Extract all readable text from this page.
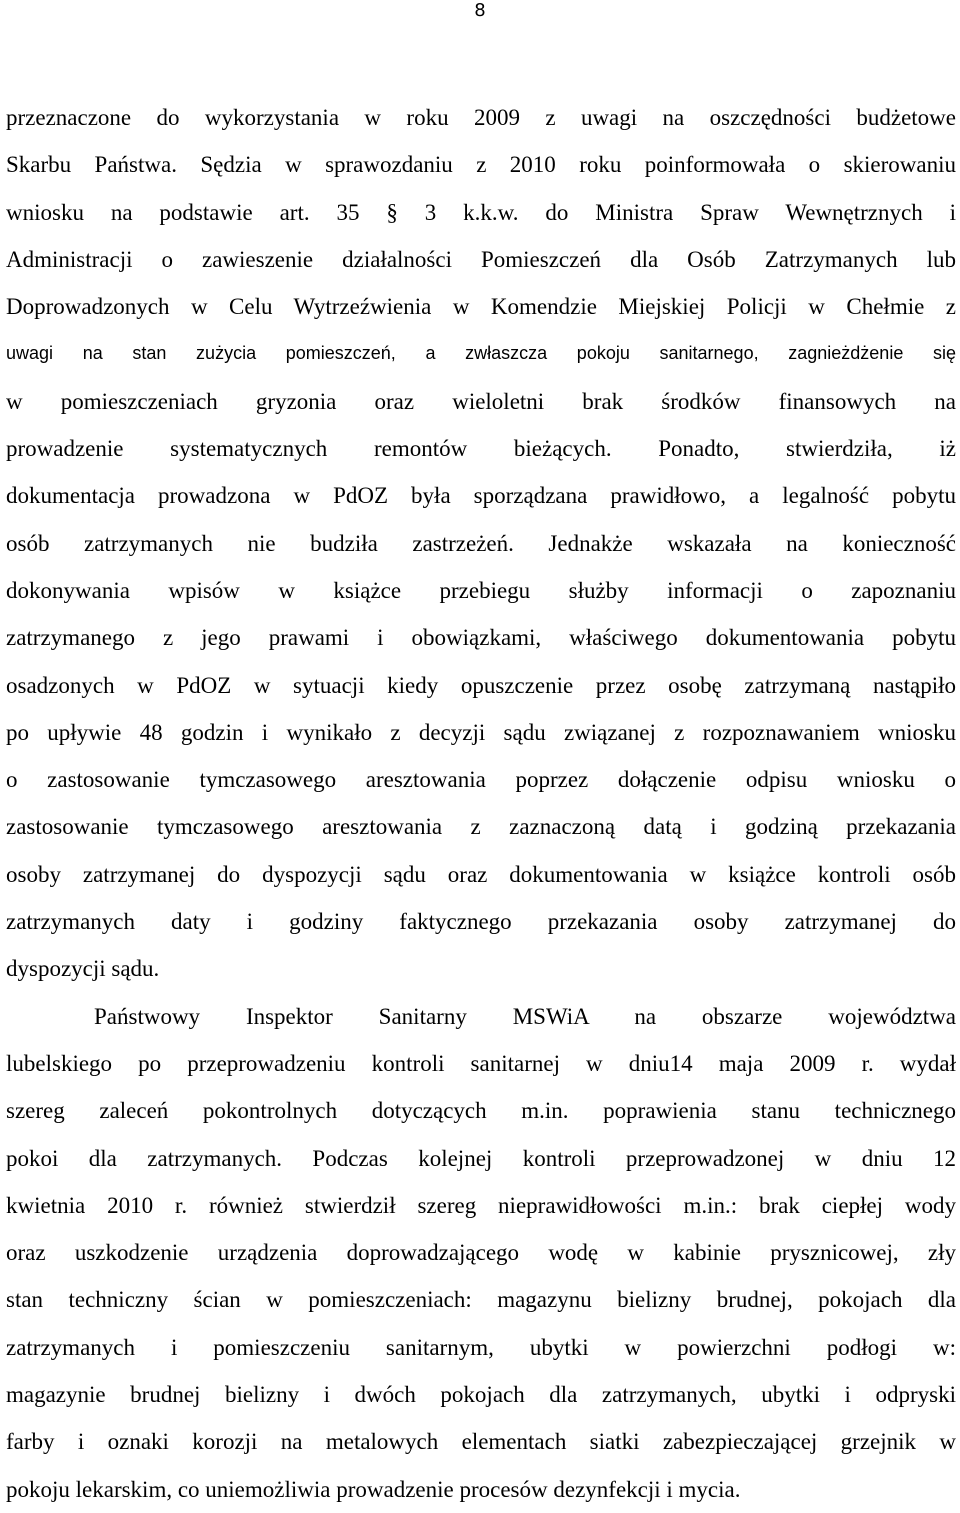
8
przeznaczone do wykorzystania w roku 2009 z uwagi na oszczędności budżetowe
Skarbu Państwa. Sędzia w sprawozdaniu z 2010 roku poinformowała o skierowaniu
wniosku na podstawie art. 35 § 3 k.k.w. do Ministra Spraw Wewnętrznych i
Administracji o zawieszenie działalności Pomieszczeń dla Osób Zatrzymanych lub
Doprowadzonych w Celu Wytrzeźwienia w Komendzie Miejskiej Policji w Chełmie z
uwagi na stan zużycia pomieszczeń, a zwłaszcza pokoju sanitarnego, zagnieżdżenie się
w pomieszczeniach gryzonia oraz wieloletni brak środków finansowych na
prowadzenie systematycznych remontów bieżących. Ponadto, stwierdziła, iż
dokumentacja prowadzona w PdOZ była sporządzana prawidłowo, a legalność pobytu
osób zatrzymanych nie budziła zastrzeżeń. Jednakże wskazała na konieczność
dokonywania wpisów w książce przebiegu służby informacji o zapoznaniu
zatrzymanego z jego prawami i obowiązkami, właściwego dokumentowania pobytu
osadzonych w PdOZ w sytuacji kiedy opuszczenie przez osobę zatrzymaną nastąpiło
po upływie 48 godzin i wynikało z decyzji sądu związanej z rozpoznawaniem wniosku
o zastosowanie tymczasowego aresztowania poprzez dołączenie odpisu wniosku o
zastosowanie tymczasowego aresztowania z zaznaczoną datą i godziną przekazania
osoby zatrzymanej do dyspozycji sądu oraz dokumentowania w książce kontroli osób
zatrzymanych daty i godziny faktycznego przekazania osoby zatrzymanej do
dyspozycji sądu.
Państwowy Inspektor Sanitarny MSWiA na obszarze województwa
lubelskiego po przeprowadzeniu kontroli sanitarnej w dniu14 maja 2009 r. wydał
szereg zaleceń pokontrolnych dotyczących m.in. poprawienia stanu technicznego
pokoi dla zatrzymanych. Podczas kolejnej kontroli przeprowadzonej w dniu 12
kwietnia 2010 r. również stwierdził szereg nieprawidłowości m.in.: brak ciepłej wody
oraz uszkodzenie urządzenia doprowadzającego wodę w kabinie prysznicowej, zły
stan techniczny ścian w pomieszczeniach: magazynu bielizny brudnej, pokojach dla
zatrzymanych i pomieszczeniu sanitarnym, ubytki w powierzchni podłogi w:
magazynie brudnej bielizny i dwóch pokojach dla zatrzymanych, ubytki i odpryski
farby i oznaki korozji na metalowych elementach siatki zabezpieczającej grzejnik w
pokoju lekarskim, co uniemożliwia prowadzenie procesów dezynfekcji i mycia.
